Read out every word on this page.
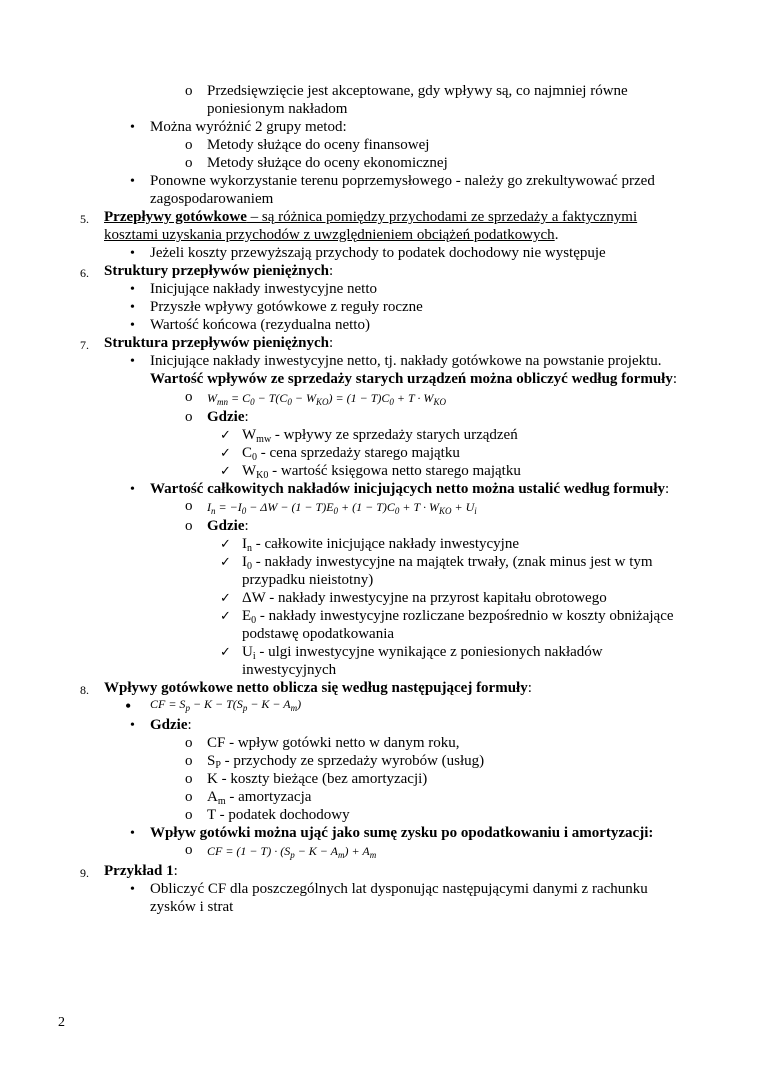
o Przedsięwzięcie jest akceptowane, gdy wpływy są, co najmniej równe
poniesionym nakładom
• Można wyróżnić 2 grupy metod:
o Metody służące do oceny finansowej
o Metody służące do oceny ekonomicznej
• Ponowne wykorzystanie terenu poprzemysłowego - należy go zrekultywować przed
zagospodarowaniem
5. Przepływy gotówkowe – są różnica pomiędzy przychodami ze sprzedaży a faktycznymi
kosztami uzyskania przychodów z uwzględnieniem obciążeń podatkowych.
• Jeżeli koszty przewyższają przychody to podatek dochodowy nie występuje
6. Struktury przepływów pieniężnych:
• Inicjujące nakłady inwestycyjne netto
• Przyszłe wpływy gotówkowe z reguły roczne
• Wartość końcowa (rezydualna netto)
7. Struktura przepływów pieniężnych:
• Inicjujące nakłady inwestycyjne netto, tj. nakłady gotówkowe na powstanie projektu.
Wartość wpływów ze sprzedaży starych urządzeń można obliczyć według formuły:
o $W_{mn} = C_0 - T(C_0 - W_{KO}) = (1 - T)C_0 + T \cdot W_{KO}$
o Gdzie:
✓ $W_{mw}$ - wpływy ze sprzedaży starych urządzeń
✓ $C_0$ - cena sprzedaży starego majątku
✓ $W_{K0}$ - wartość księgowa netto starego majątku
• Wartość całkowitych nakładów inicjujących netto można ustalić według formuły:
o $I_n = -I_0 - \Delta W - (1 - T)E_0 + (1 - T)C_0 + T \cdot W_{KO} + U_i$
o Gdzie:
✓ $I_n$ - całkowite inicjujące nakłady inwestycyjne
✓ $I_0$ - nakłady inwestycyjne na majątek trwały, (znak minus jest w tym
przypadku nieistotny)
✓ ΔW - nakłady inwestycyjne na przyrost kapitału obrotowego
✓ $E_0$ - nakłady inwestycyjne rozliczane bezpośrednio w koszty obniżające
podstawę opodatkowania
✓ $U_i$ - ulgi inwestycyjne wynikające z poniesionych nakładów
inwestycyjnych
8. Wpływy gotówkowe netto oblicza się według następującej formuły:
• CF = $S_p - K - T(S_p - K - A_m)$
• Gdzie:
o CF - wpływ gotówki netto w danym roku,
o $S_P$ - przychody ze sprzedaży wyrobów (usług)
o K - koszty bieżące (bez amortyzacji)
o $A_m$ - amortyzacja
o T - podatek dochodowy
• Wpływ gotówki można ująć jako sumę zysku po opodatkowaniu i amortyzacji:
o CF = $(1 - T) \cdot (S_p - K - A_m) + A_m$
9. Przykład 1:
• Obliczyć CF dla poszczególnych lat dysponując następującymi danymi z rachunku
zysków i strat
2
